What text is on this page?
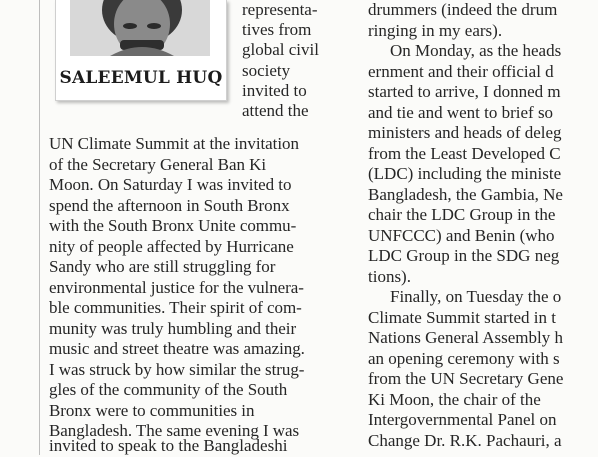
SALEEMUL HUQ
representa-
tives from
global civil
society
invited to
attend the
UN Climate Summit at the invitation
of the Secretary General Ban Ki
Moon. On Saturday I was invited to
spend the afternoon in South Bronx
with the South Bronx Unite commu-
nity of people affected by Hurricane
Sandy who are still struggling for
environmental justice for the vulnera-
ble communities. Their spirit of com-
munity was truly humbling and their
music and street theatre was amazing.
I was struck by how similar the strug-
gles of the community of the South
Bronx were to communities in
Bangladesh. The same evening I was
invited to speak to the Bangladeshi
drummers (indeed the drum
ringing in my ears).
On Monday, as the heads
ernment and their official d
started to arrive, I donned m
and tie and went to brief so
ministers and heads of deleg
from the Least Developed C
(LDC) including the ministe
Bangladesh, the Gambia, Ne
chair the LDC Group in the
UNFCCC) and Benin (who
LDC Group in the SDG neg
tions).
Finally, on Tuesday the o
Climate Summit started in t
Nations General Assembly h
an opening ceremony with s
from the UN Secretary Gene
Ki Moon, the chair of the
Intergovernmental Panel on
Change Dr. R.K. Pachauri, a
